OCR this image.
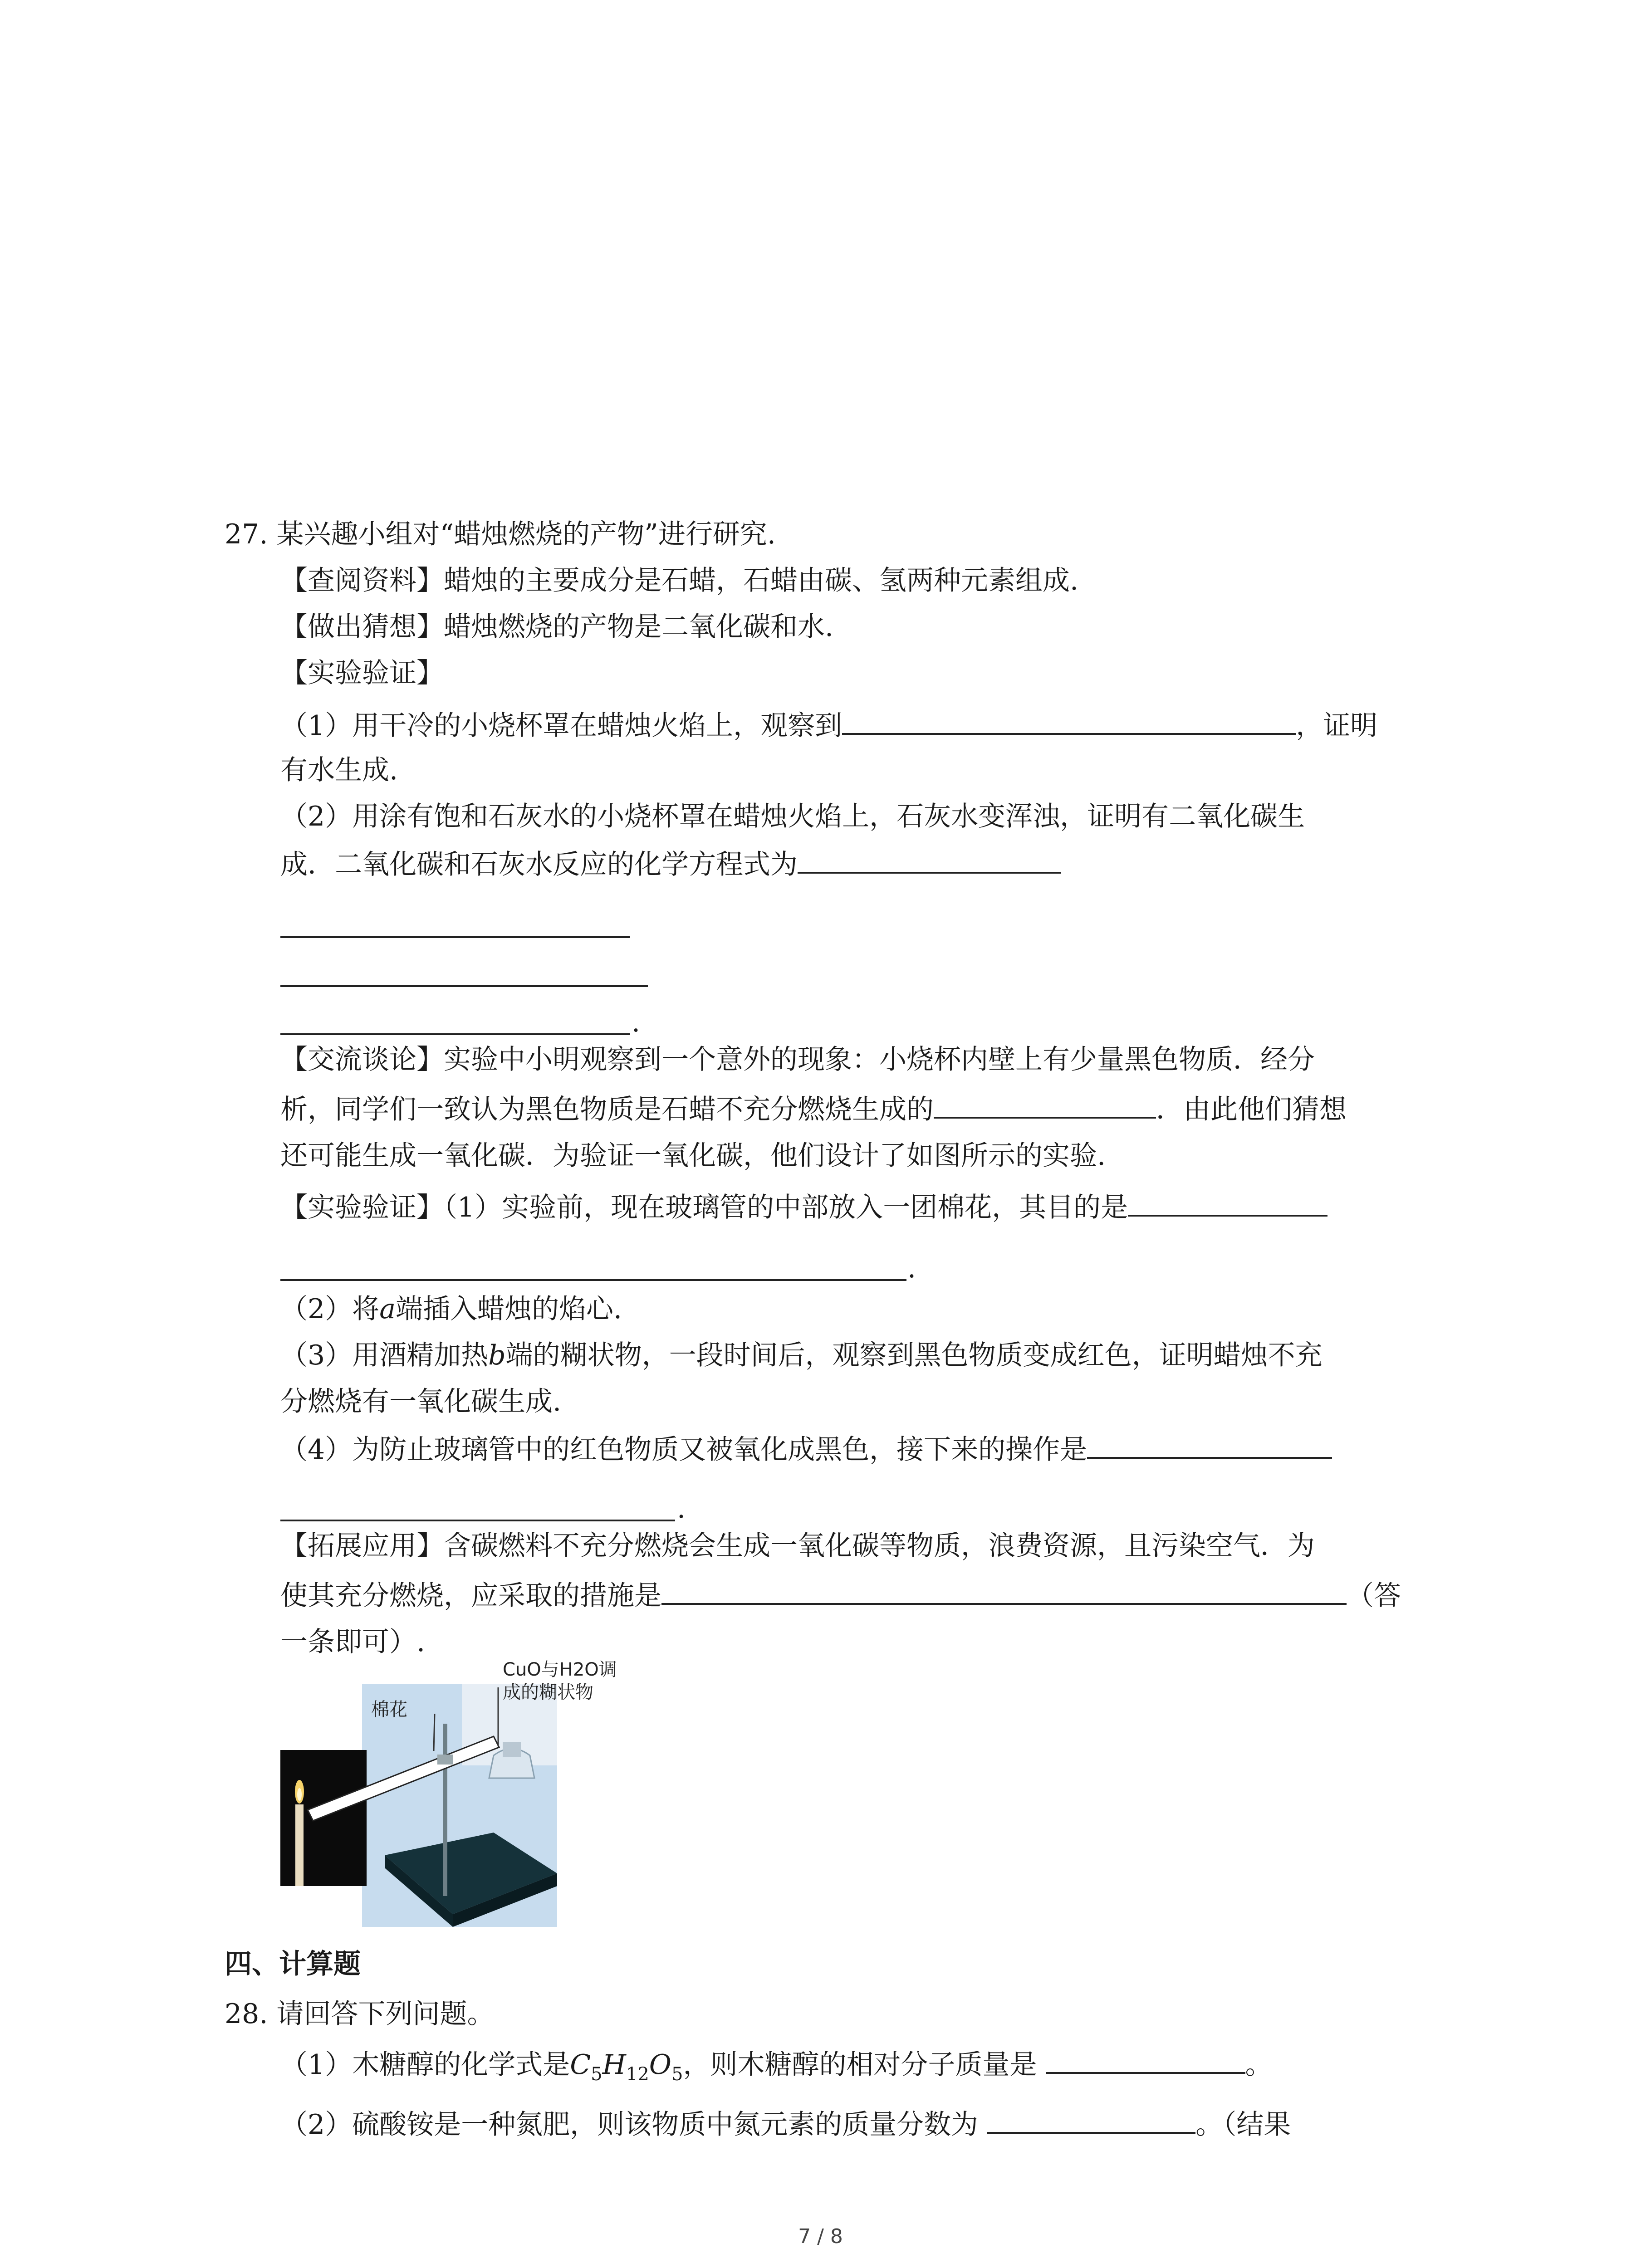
27. 某兴趣小组对“蜡烛燃烧的产物”进行研究.
【查阅资料】蜡烛的主要成分是石蜡，石蜡由碳、氢两种元素组成.
【做出猜想】蜡烛燃烧的产物是二氧化碳和水.
【实验验证】
（1）用干冷的小烧杯罩在蜡烛火焰上，观察到	，证明
有水生成.
（2）用涂有饱和石灰水的小烧杯罩在蜡烛火焰上，石灰水变浑浊，证明有二氧化碳生
成．二氧化碳和石灰水反应的化学方程式为
.
【交流谈论】实验中小明观察到一个意外的现象：小烧杯内壁上有少量黑色物质．经分
析，同学们一致认为黑色物质是石蜡不充分燃烧生成的	．由此他们猜想
还可能生成一氧化碳．为验证一氧化碳，他们设计了如图所示的实验.
【实验验证】（1）实验前，现在玻璃管的中部放入一团棉花，其目的是
.
（2）将a端插入蜡烛的焰心.
（3）用酒精加热b端的糊状物，一段时间后，观察到黑色物质变成红色，证明蜡烛不充
分燃烧有一氧化碳生成.
（4）为防止玻璃管中的红色物质又被氧化成黑色，接下来的操作是
.
【拓展应用】含碳燃料不充分燃烧会生成一氧化碳等物质，浪费资源，且污染空气．为
使其充分燃烧，应采取的措施是	（答
一条即可）.
棉花
CuO与H2O调
成的糊状物
四、计算题
28. 请回答下列问题。
（1）木糖醇的化学式是$C_5H_{12}O_5$，则木糖醇的相对分子质量是	。
（2）硫酸铵是一种氮肥，则该物质中氮元素的质量分数为	。（结果
7 / 8
